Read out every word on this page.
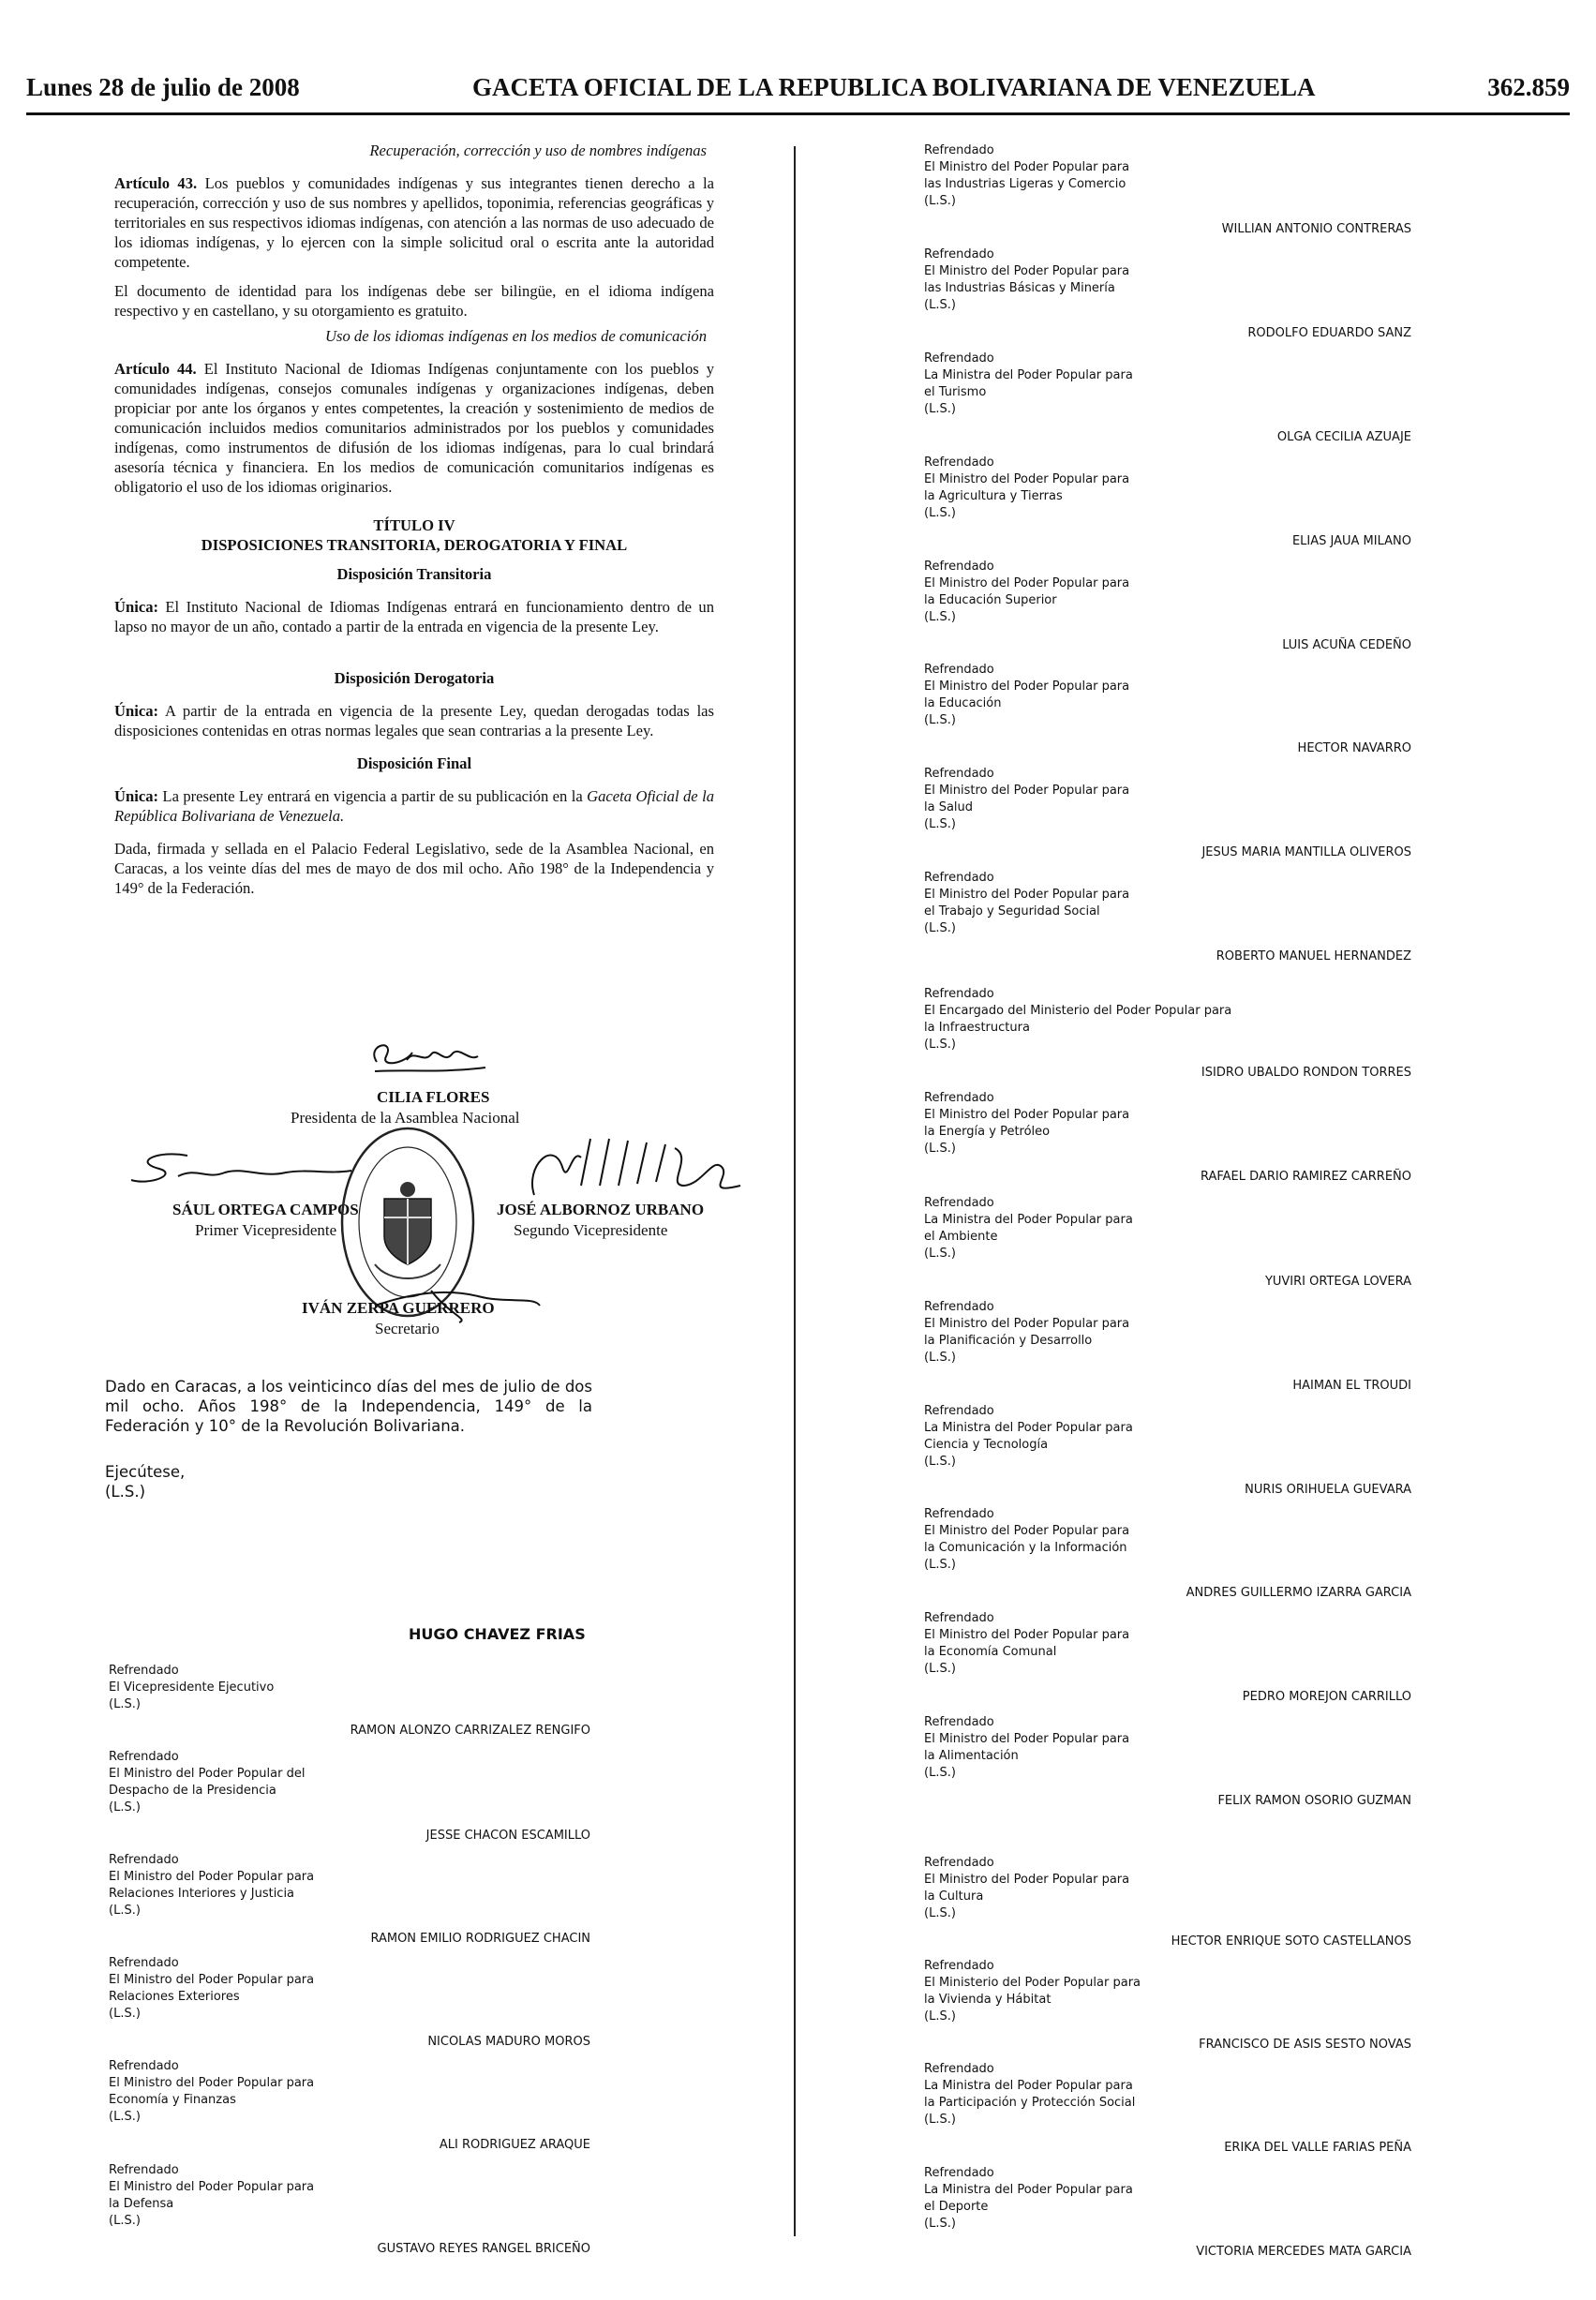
Lunes 28 de julio de 2008	GACETA OFICIAL DE LA REPUBLICA BOLIVARIANA DE VENEZUELA	362.859

Recuperación, corrección y uso de nombres indígenas

Artículo 43. Los pueblos y comunidades indígenas y sus integrantes tienen derecho a la recuperación, corrección y uso de sus nombres y apellidos, toponimia, referencias geográficas y territoriales en sus respectivos idiomas indígenas, con atención a las normas de uso adecuado de los idiomas indígenas, y lo ejercen con la simple solicitud oral o escrita ante la autoridad competente.

El documento de identidad para los indígenas debe ser bilingüe, en el idioma indígena respectivo y en castellano, y su otorgamiento es gratuito.

Uso de los idiomas indígenas en los medios de comunicación

Artículo 44. El Instituto Nacional de Idiomas Indígenas conjuntamente con los pueblos y comunidades indígenas, consejos comunales indígenas y organizaciones indígenas, deben propiciar por ante los órganos y entes competentes, la creación y sostenimiento de medios de comunicación incluidos medios comunitarios administrados por los pueblos y comunidades indígenas, como instrumentos de difusión de los idiomas indígenas, para lo cual brindará asesoría técnica y financiera. En los medios de comunicación comunitarios indígenas es obligatorio el uso de los idiomas originarios.

TÍTULO IV

DISPOSICIONES TRANSITORIA, DEROGATORIA Y FINAL

Disposición Transitoria

Única: El Instituto Nacional de Idiomas Indígenas entrará en funcionamiento dentro de un lapso no mayor de un año, contado a partir de la entrada en vigencia de la presente Ley.

Disposición Derogatoria

Única: A partir de la entrada en vigencia de la presente Ley, quedan derogadas todas las disposiciones contenidas en otras normas legales que sean contrarias a la presente Ley.

Disposición Final

Única: La presente Ley entrará en vigencia a partir de su publicación en la Gaceta Oficial de la República Bolivariana de Venezuela.

Dada, firmada y sellada en el Palacio Federal Legislativo, sede de la Asamblea Nacional, en Caracas, a los veinte días del mes de mayo de dos mil ocho. Año 198° de la Independencia y 149° de la Federación.

CILIA FLORES
Presidenta de la Asamblea Nacional
SÁUL ORTEGA CAMPOS
Primer Vicepresidente
JOSÉ ALBORNOZ URBANO
Segundo Vicepresidente
IVÁN ZERPA GUERRERO
Secretario

Dado en Caracas, a los veinticinco días del mes de julio de dos mil ocho. Años 198° de la Independencia, 149° de la Federación y 10° de la Revolución Bolivariana.

Ejecútese,
(L.S.)
HUGO CHAVEZ FRIAS
Refrendado
El Vicepresidente Ejecutivo
(L.S.)
RAMON ALONZO CARRIZALEZ RENGIFO
Refrendado
El Ministro del Poder Popular del
Despacho de la Presidencia
(L.S.)
JESSE CHACON ESCAMILLO
Refrendado
El Ministro del Poder Popular para
Relaciones Interiores y Justicia
(L.S.)
RAMON EMILIO RODRIGUEZ CHACIN
Refrendado
El Ministro del Poder Popular para
Relaciones Exteriores
(L.S.)
NICOLAS MADURO MOROS
Refrendado
El Ministro del Poder Popular para
Economía y Finanzas
(L.S.)
ALI RODRIGUEZ ARAQUE
Refrendado
El Ministro del Poder Popular para
la Defensa
(L.S.)
GUSTAVO REYES RANGEL BRICEÑO
Refrendado
El Ministro del Poder Popular para
las Industrias Ligeras y Comercio
(L.S.)
WILLIAN ANTONIO CONTRERAS
Refrendado
El Ministro del Poder Popular para
las Industrias Básicas y Minería
(L.S.)
RODOLFO EDUARDO SANZ
Refrendado
La Ministra del Poder Popular para
el Turismo
(L.S.)
OLGA CECILIA AZUAJE
Refrendado
El Ministro del Poder Popular para
la Agricultura y Tierras
(L.S.)
ELIAS JAUA MILANO
Refrendado
El Ministro del Poder Popular para
la Educación Superior
(L.S.)
LUIS ACUÑA CEDEÑO
Refrendado
El Ministro del Poder Popular para
la Educación
(L.S.)
HECTOR NAVARRO
Refrendado
El Ministro del Poder Popular para
la Salud
(L.S.)
JESUS MARIA MANTILLA OLIVEROS
Refrendado
El Ministro del Poder Popular para
el Trabajo y Seguridad Social
(L.S.)
ROBERTO MANUEL HERNANDEZ
Refrendado
El Encargado del Ministerio del Poder Popular para
la Infraestructura
(L.S.)
ISIDRO UBALDO RONDON TORRES
Refrendado
El Ministro del Poder Popular para
la Energía y Petróleo
(L.S.)
RAFAEL DARIO RAMIREZ CARREÑO
Refrendado
La Ministra del Poder Popular para
el Ambiente
(L.S.)
YUVIRI ORTEGA LOVERA
Refrendado
El Ministro del Poder Popular para
la Planificación y Desarrollo
(L.S.)
HAIMAN EL TROUDI
Refrendado
La Ministra del Poder Popular para
Ciencia y Tecnología
(L.S.)
NURIS ORIHUELA GUEVARA
Refrendado
El Ministro del Poder Popular para
la Comunicación y la Información
(L.S.)
ANDRES GUILLERMO IZARRA GARCIA
Refrendado
El Ministro del Poder Popular para
la Economía Comunal
(L.S.)
PEDRO MOREJON CARRILLO
Refrendado
El Ministro del Poder Popular para
la Alimentación
(L.S.)
FELIX RAMON OSORIO GUZMAN
Refrendado
El Ministro del Poder Popular para
la Cultura
(L.S.)
HECTOR ENRIQUE SOTO CASTELLANOS
Refrendado
El Ministerio del Poder Popular para
la Vivienda y Hábitat
(L.S.)
FRANCISCO DE ASIS SESTO NOVAS
Refrendado
La Ministra del Poder Popular para
la Participación y Protección Social
(L.S.)
ERIKA DEL VALLE FARIAS PEÑA
Refrendado
La Ministra del Poder Popular para
el Deporte
(L.S.)
VICTORIA MERCEDES MATA GARCIA
